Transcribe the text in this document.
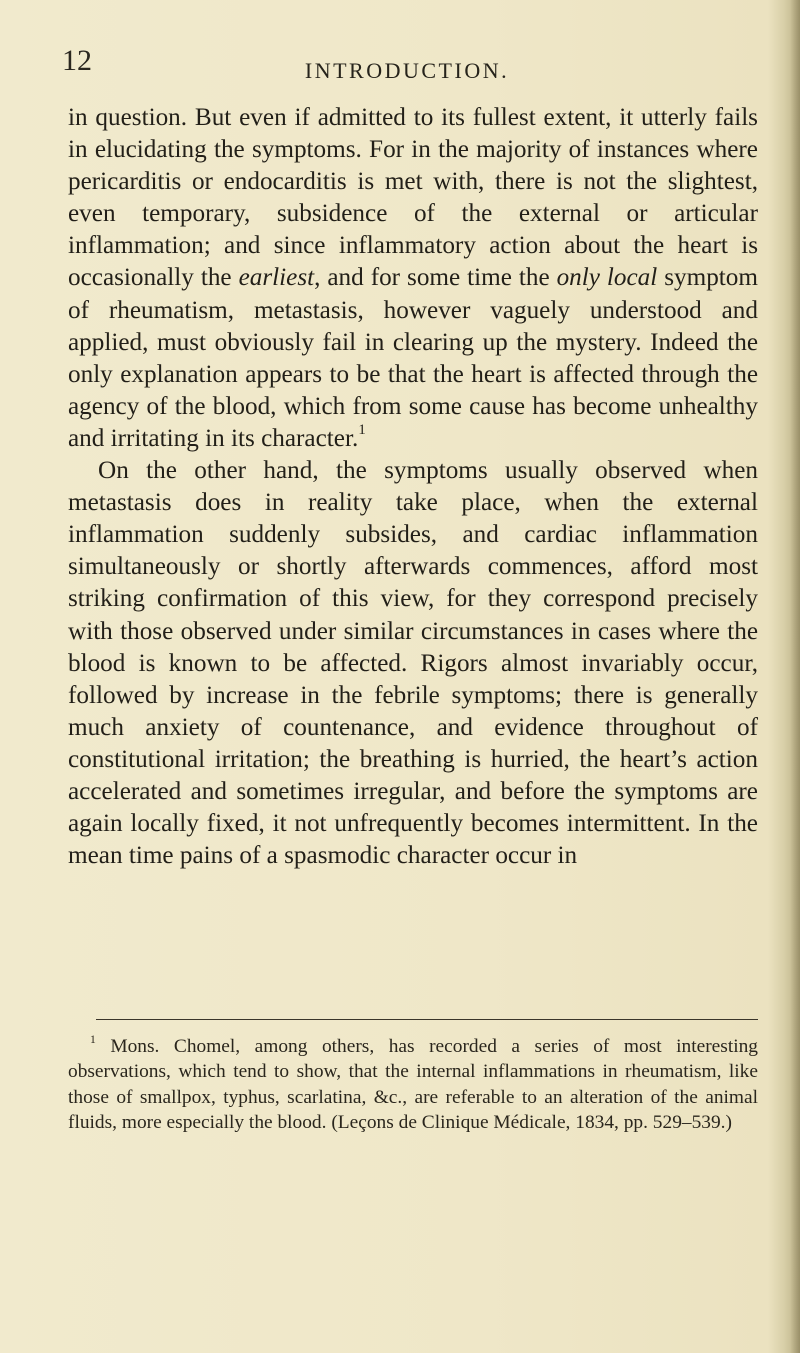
12	INTRODUCTION.

in question. But even if admitted to its fullest extent, it utterly fails in elucidating the symptoms. For in the majority of instances where pericarditis or endocarditis is met with, there is not the slightest, even temporary, subsidence of the external or articular inflammation; and since inflammatory action about the heart is occasionally the earliest, and for some time the only local symptom of rheumatism, metastasis, however vaguely understood and applied, must obviously fail in clearing up the mystery. Indeed the only explanation appears to be that the heart is affected through the agency of the blood, which from some cause has become unhealthy and irritating in its character.$^1$

On the other hand, the symptoms usually observed when metastasis does in reality take place, when the external inflammation suddenly subsides, and cardiac inflammation simultaneously or shortly afterwards commences, afford most striking confirmation of this view, for they correspond precisely with those observed under similar circumstances in cases where the blood is known to be affected. Rigors almost invariably occur, followed by increase in the febrile symptoms; there is generally much anxiety of countenance, and evidence throughout of constitutional irritation; the breathing is hurried, the heart’s action accelerated and sometimes irregular, and before the symptoms are again locally fixed, it not unfrequently becomes intermittent. In the mean time pains of a spasmodic character occur in

$^1$ Mons. Chomel, among others, has recorded a series of most interesting observations, which tend to show, that the internal inflammations in rheumatism, like those of smallpox, typhus, scarlatina, &c., are referable to an alteration of the animal fluids, more especially the blood. (Leçons de Clinique Médicale, 1834, pp. 529–539.)
